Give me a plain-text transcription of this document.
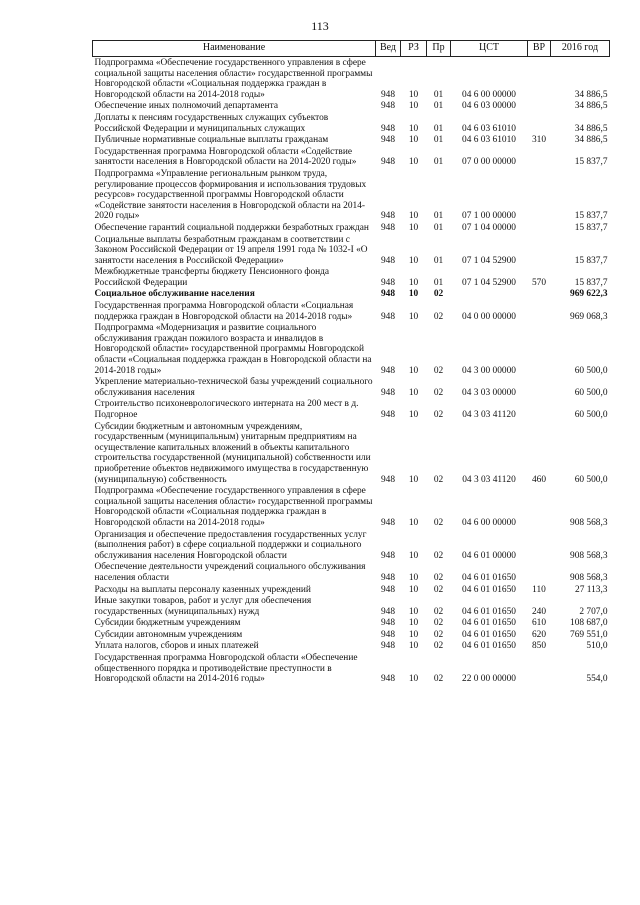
113
Наименование	Вед	РЗ	Пр	ЦСТ	ВР	2016 год
Подпрограмма «Обеспечение государственного управления в сфере социальной защиты населения области» государственной программы Новгородской области «Социальная поддержка граждан в Новгородской области на 2014-2018 годы»	948	10	01	04 6 00 00000		34 886,5
Обеспечение иных полномочий департамента	948	10	01	04 6 03 00000		34 886,5
Доплаты к пенсиям государственных служащих субъектов Российской Федерации и муниципальных служащих	948	10	01	04 6 03 61010		34 886,5
Публичные нормативные социальные выплаты гражданам	948	10	01	04 6 03 61010	310	34 886,5
Государственная программа Новгородской области «Содействие занятости населения в Новгородской области на 2014-2020 годы»	948	10	01	07 0 00 00000		15 837,7
Подпрограмма «Управление региональным рынком труда, регулирование процессов формирования и использования трудовых ресурсов» государственной программы Новгородской области «Содействие занятости населения в Новгородской области на 2014-2020 годы»	948	10	01	07 1 00 00000		15 837,7
Обеспечение гарантий социальной поддержки безработных граждан	948	10	01	07 1 04 00000		15 837,7
Социальные выплаты безработным гражданам в соответствии с Законом Российской Федерации от 19 апреля 1991 года № 1032-I «О занятости населения в Российской Федерации»	948	10	01	07 1 04 52900		15 837,7
Межбюджетные трансферты бюджету Пенсионного фонда Российской Федерации	948	10	01	07 1 04 52900	570	15 837,7
Социальное обслуживание населения	948	10	02			969 622,3
Государственная программа Новгородской области «Социальная поддержка граждан в Новгородской области на 2014-2018 годы»	948	10	02	04 0 00 00000		969 068,3
Подпрограмма «Модернизация и развитие социального обслуживания граждан пожилого возраста и инвалидов в Новгородской области» государственной программы Новгородской области «Социальная поддержка граждан в Новгородской области на 2014-2018 годы»	948	10	02	04 3 00 00000		60 500,0
Укрепление материально-технической базы учреждений социального обслуживания населения	948	10	02	04 3 03 00000		60 500,0
Строительство психоневрологического интерната на 200 мест в д. Подгорное	948	10	02	04 3 03 41120		60 500,0
Субсидии бюджетным и автономным учреждениям, государственным (муниципальным) унитарным предприятиям на осуществление капитальных вложений в объекты капитального строительства государственной (муниципальной) собственности или приобретение объектов недвижимого имущества в государственную (муниципальную) собственность	948	10	02	04 3 03 41120	460	60 500,0
Подпрограмма «Обеспечение государственного управления в сфере социальной защиты населения области» государственной программы Новгородской области «Социальная поддержка граждан в Новгородской области на 2014-2018 годы»	948	10	02	04 6 00 00000		908 568,3
Организация и обеспечение предоставления государственных услуг (выполнения работ) в сфере социальной поддержки и социального обслуживания населения Новгородской области	948	10	02	04 6 01 00000		908 568,3
Обеспечение деятельности учреждений социального обслуживания населения области	948	10	02	04 6 01 01650		908 568,3
Расходы на выплаты персоналу казенных учреждений	948	10	02	04 6 01 01650	110	27 113,3
Иные закупки товаров, работ и услуг для обеспечения государственных (муниципальных) нужд	948	10	02	04 6 01 01650	240	2 707,0
Субсидии бюджетным учреждениям	948	10	02	04 6 01 01650	610	108 687,0
Субсидии автономным учреждениям	948	10	02	04 6 01 01650	620	769 551,0
Уплата налогов, сборов и иных платежей	948	10	02	04 6 01 01650	850	510,0
Государственная программа Новгородской области «Обеспечение общественного порядка и противодействие преступности в Новгородской области на 2014-2016 годы»	948	10	02	22 0 00 00000		554,0
